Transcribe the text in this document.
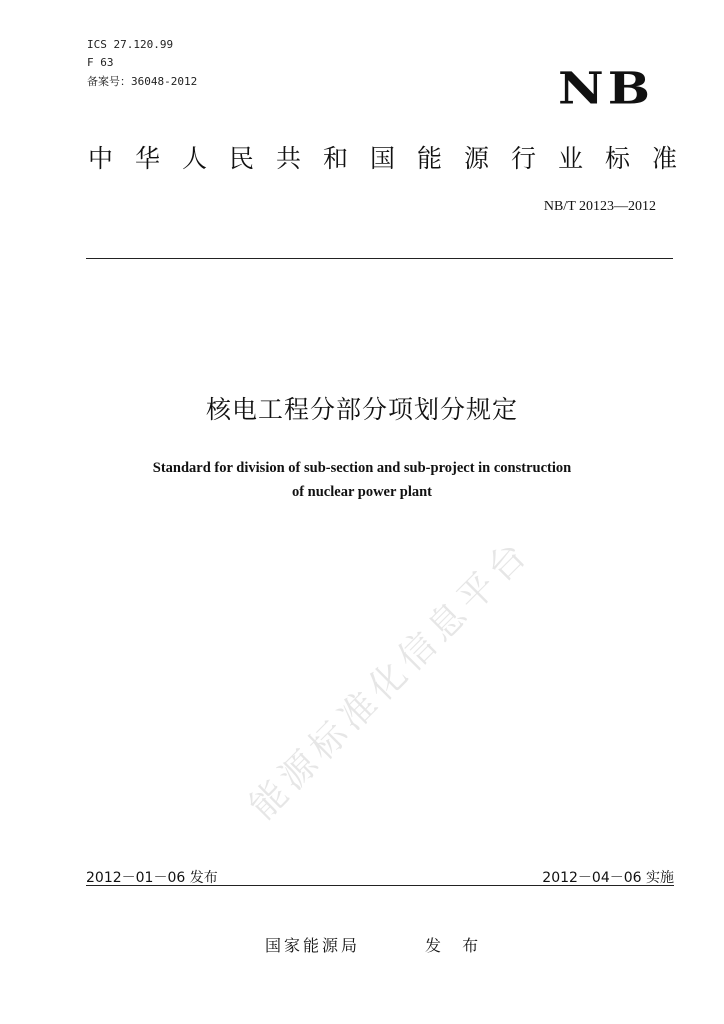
ICS 27.120.99
F 63
备案号：36048-2012	NB
中华人民共和国能源行业标准
NB/T 20123—2012
核电工程分部分项划分规定
Standard for division of sub-section and sub-project in construction
of nuclear power plant
能源标准化信息平台
2012－01－06 发布	2012－04－06 实施
国家能源局	发 布
